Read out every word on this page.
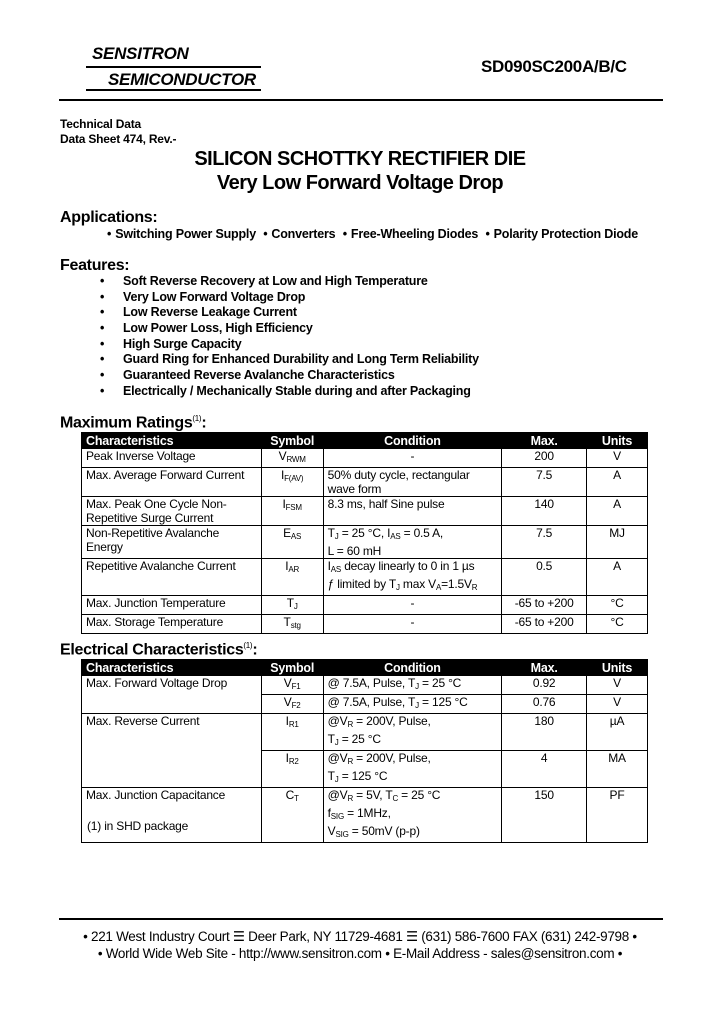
SENSITRON
SEMICONDUCTOR
SD090SC200A/B/C
Technical Data
Data Sheet 474, Rev.-
SILICON SCHOTTKY RECTIFIER DIE
Very Low Forward Voltage Drop
Applications:
• Switching Power Supply • Converters • Free-Wheeling Diodes • Polarity Protection Diode
Features:
• Soft Reverse Recovery at Low and High Temperature
• Very Low Forward Voltage Drop
• Low Reverse Leakage Current
• Low Power Loss, High Efficiency
• High Surge Capacity
• Guard Ring for Enhanced Durability and Long Term Reliability
• Guaranteed Reverse Avalanche Characteristics
• Electrically / Mechanically Stable during and after Packaging
Maximum Ratings$^{(1)}$:
Characteristics	Symbol	Condition	Max.	Units
Peak Inverse Voltage	$V_{RWM}$	-	200	V
Max. Average Forward Current	$I_{F(AV)}$	50% duty cycle, rectangular wave form	7.5	A
Max. Peak One Cycle Non-Repetitive Surge Current	$I_{FSM}$	8.3 ms, half Sine pulse	140	A
Non-Repetitive Avalanche Energy	$E_{AS}$	$T_J = 25$ °C, $I_{AS} = 0.5$ A,
L = 60 mH	7.5	MJ
Repetitive Avalanche Current	$I_{AR}$	$I_{AS}$ decay linearly to 0 in 1 µs
ƒ limited by $T_J$ $\max V_A=1.5V_R$	0.5	A
Max. Junction Temperature	$T_J$	-	-65 to +200	°C
Max. Storage Temperature	$T_{stg}$	-	-65 to +200	°C
Electrical Characteristics$^{(1)}$:
Characteristics	Symbol	Condition	Max.	Units
Max. Forward Voltage Drop	$V_{F1}$	@ 7.5A, Pulse, $T_J = 25$ °C	0.92	V
	$V_{F2}$	@ 7.5A, Pulse, $T_J = 125$ °C	0.76	V
Max. Reverse Current	$I_{R1}$	$@V_R = 200V$, Pulse,
$T_J = 25$ °C	180	µA
	$I_{R2}$	$@V_R = 200V$, Pulse,
$T_J = 125$ °C	4	MA
Max. Junction Capacitance	$C_T$	$@V_R = 5V$, $T_C = 25$ °C
$f_{SIG} = 1MHz$,
$V_{SIG} = 50mV$ (p-p)	150	PF
(1) in SHD package
• 221 West Industry Court ☰ Deer Park, NY 11729-4681 ☰ (631) 586-7600 FAX (631) 242-9798 •
• World Wide Web Site - http://www.sensitron.com • E-Mail Address - sales@sensitron.com •
